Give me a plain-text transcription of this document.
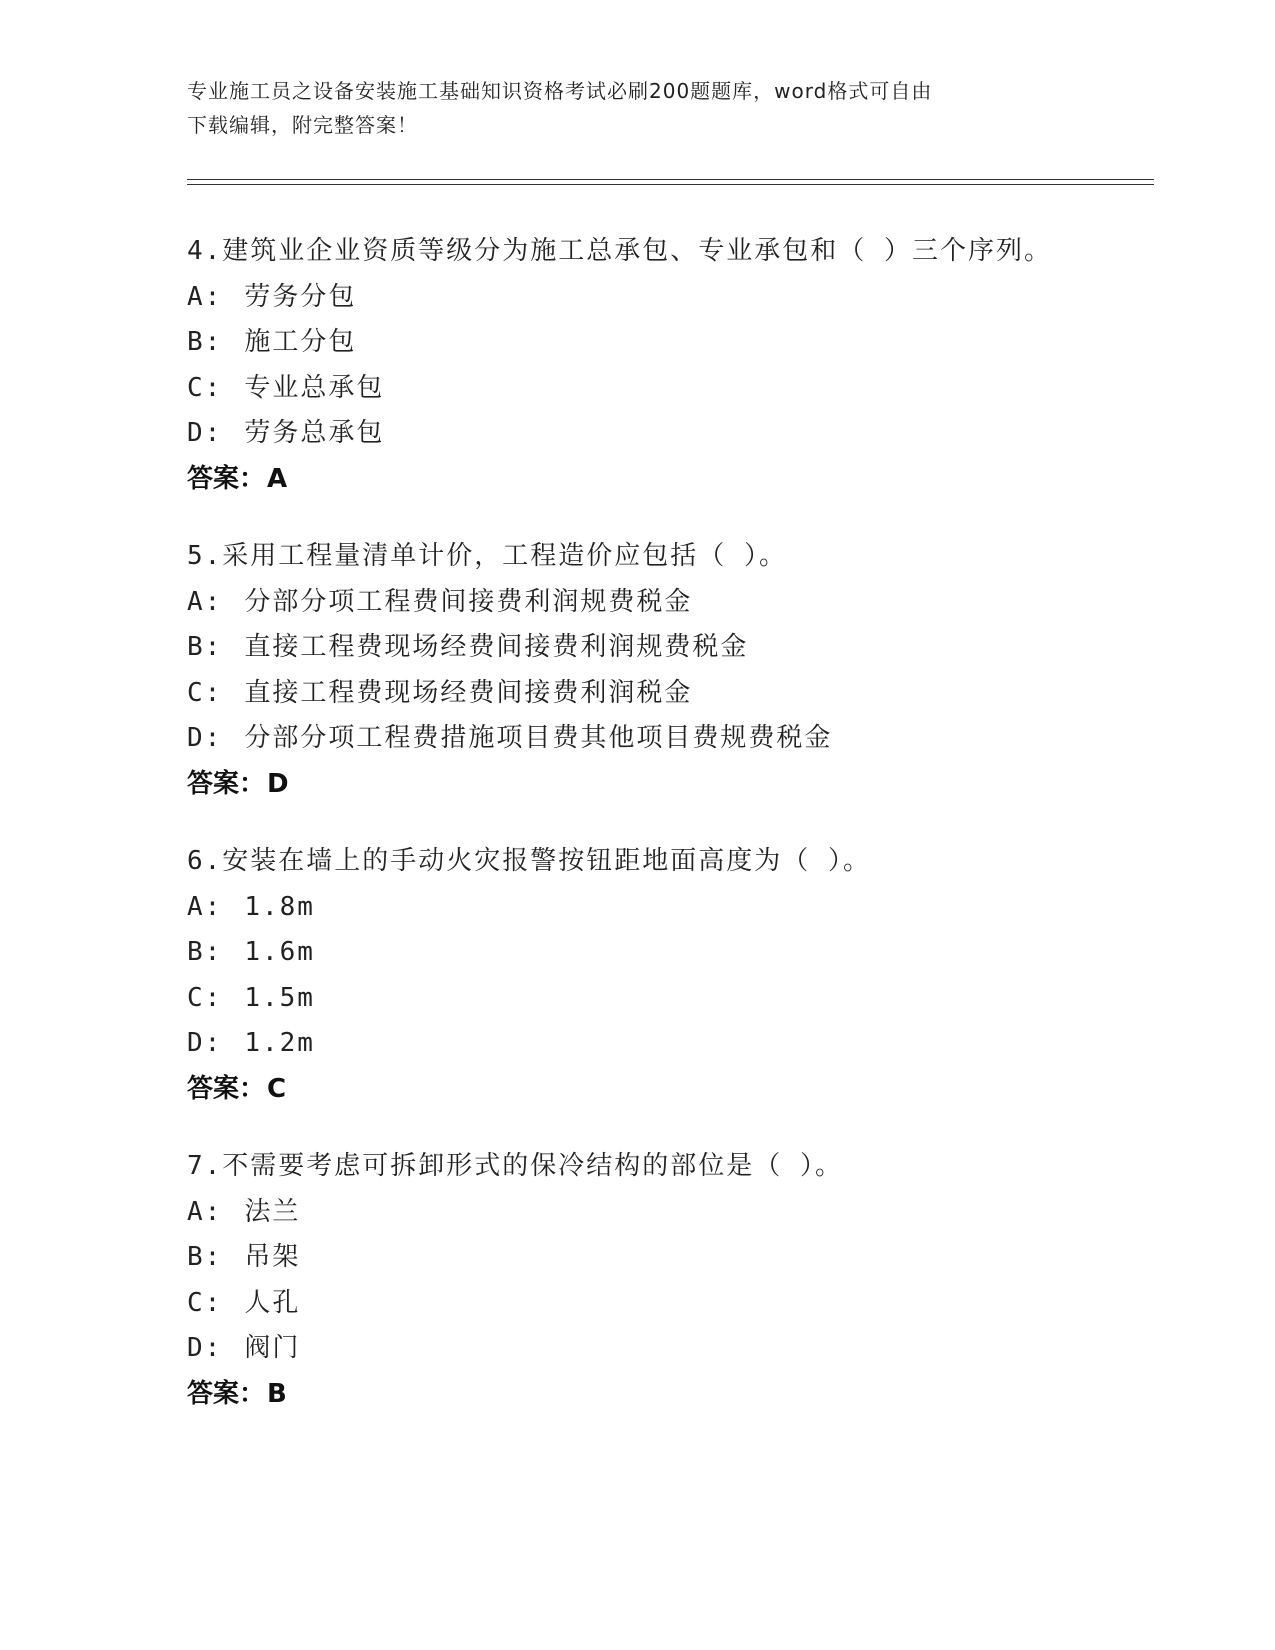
专业施工员之设备安装施工基础知识资格考试必刷200题题库，word格式可自由
下载编辑，附完整答案！
4.建筑业企业资质等级分为施工总承包、专业承包和（ ）三个序列。
A: 劳务分包
B: 施工分包
C: 专业总承包
D: 劳务总承包
答案：A
5.采用工程量清单计价，工程造价应包括（ ）。
A: 分部分项工程费间接费利润规费税金
B: 直接工程费现场经费间接费利润规费税金
C: 直接工程费现场经费间接费利润税金
D: 分部分项工程费措施项目费其他项目费规费税金
答案：D
6.安装在墙上的手动火灾报警按钮距地面高度为（ ）。
A: 1.8m
B: 1.6m
C: 1.5m
D: 1.2m
答案：C
7.不需要考虑可拆卸形式的保冷结构的部位是（ ）。
A: 法兰
B: 吊架
C: 人孔
D: 阀门
答案：B
